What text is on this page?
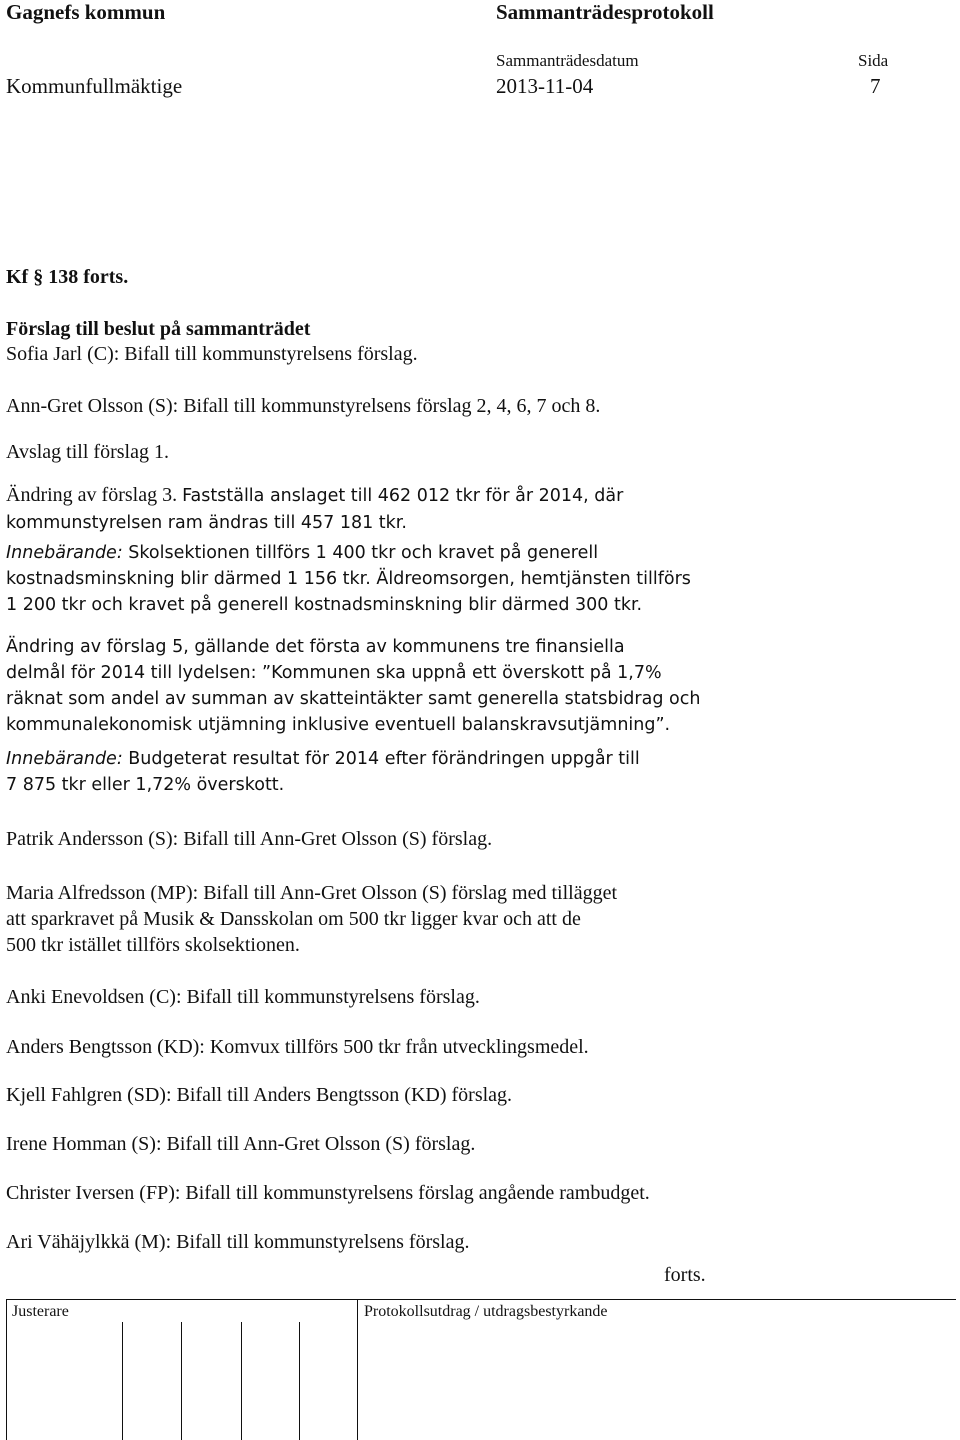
Gagnefs kommun	Sammanträdesprotokoll
Sammanträdesdatum	Sida
Kommunfullmäktige	2013-11-04	7
Kf § 138 forts.
Förslag till beslut på sammanträdet
Sofia Jarl (C): Bifall till kommunstyrelsens förslag.
Ann-Gret Olsson (S): Bifall till kommunstyrelsens förslag 2, 4, 6, 7 och 8.
Avslag till förslag 1.
Ändring av förslag 3. Fastställa anslaget till 462 012 tkr för år 2014, där
kommunstyrelsen ram ändras till 457 181 tkr.
Innebärande: Skolsektionen tillförs 1 400 tkr och kravet på generell
kostnadsminskning blir därmed 1 156 tkr. Äldreomsorgen, hemtjänsten tillförs
1 200 tkr och kravet på generell kostnadsminskning blir därmed 300 tkr.
Ändring av förslag 5, gällande det första av kommunens tre finansiella
delmål för 2014 till lydelsen: ”Kommunen ska uppnå ett överskott på 1,7%
räknat som andel av summan av skatteintäkter samt generella statsbidrag och
kommunalekonomisk utjämning inklusive eventuell balanskravsutjämning”.
Innebärande: Budgeterat resultat för 2014 efter förändringen uppgår till
7 875 tkr eller 1,72% överskott.
Patrik Andersson (S): Bifall till Ann-Gret Olsson (S) förslag.
Maria Alfredsson (MP): Bifall till Ann-Gret Olsson (S) förslag med tillägget
att sparkravet på Musik & Dansskolan om 500 tkr ligger kvar och att de
500 tkr istället tillförs skolsektionen.
Anki Enevoldsen (C): Bifall till kommunstyrelsens förslag.
Anders Bengtsson (KD): Komvux tillförs 500 tkr från utvecklingsmedel.
Kjell Fahlgren (SD): Bifall till Anders Bengtsson (KD) förslag.
Irene Homman (S): Bifall till Ann-Gret Olsson (S) förslag.
Christer Iversen (FP): Bifall till kommunstyrelsens förslag angående rambudget.
Ari Vähäjylkkä (M): Bifall till kommunstyrelsens förslag.
forts.
Justerare	Protokollsutdrag / utdragsbestyrkande
